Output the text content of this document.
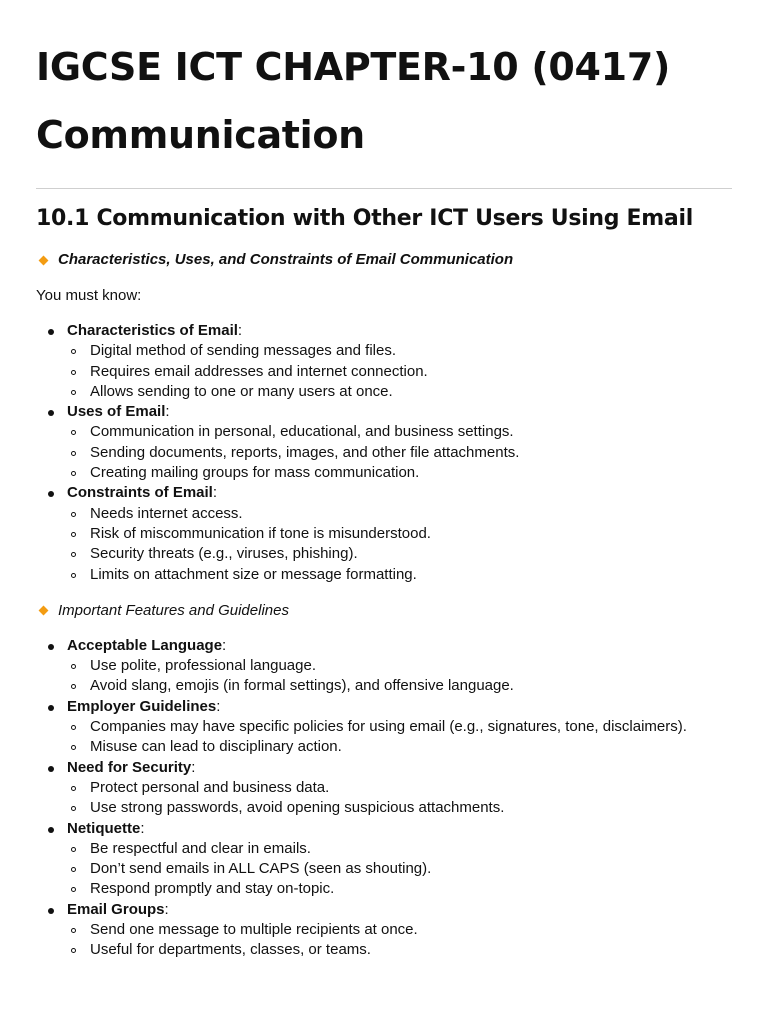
IGCSE ICT CHAPTER-10 (0417)
Communication
10.1 Communication with Other ICT Users Using Email
Characteristics, Uses, and Constraints of Email Communication

You must know:

Characteristics of Email:
Digital method of sending messages and files.
Requires email addresses and internet connection.
Allows sending to one or many users at once.
Uses of Email:
Communication in personal, educational, and business settings.
Sending documents, reports, images, and other file attachments.
Creating mailing groups for mass communication.
Constraints of Email:
Needs internet access.
Risk of miscommunication if tone is misunderstood.
Security threats (e.g., viruses, phishing).
Limits on attachment size or message formatting.
Important Features and Guidelines
Acceptable Language:
Use polite, professional language.
Avoid slang, emojis (in formal settings), and offensive language.
Employer Guidelines:
Companies may have specific policies for using email (e.g., signatures, tone, disclaimers).
Misuse can lead to disciplinary action.
Need for Security:
Protect personal and business data.
Use strong passwords, avoid opening suspicious attachments.
Netiquette:
Be respectful and clear in emails.
Don’t send emails in ALL CAPS (seen as shouting).
Respond promptly and stay on-topic.
Email Groups:
Send one message to multiple recipients at once.
Useful for departments, classes, or teams.
